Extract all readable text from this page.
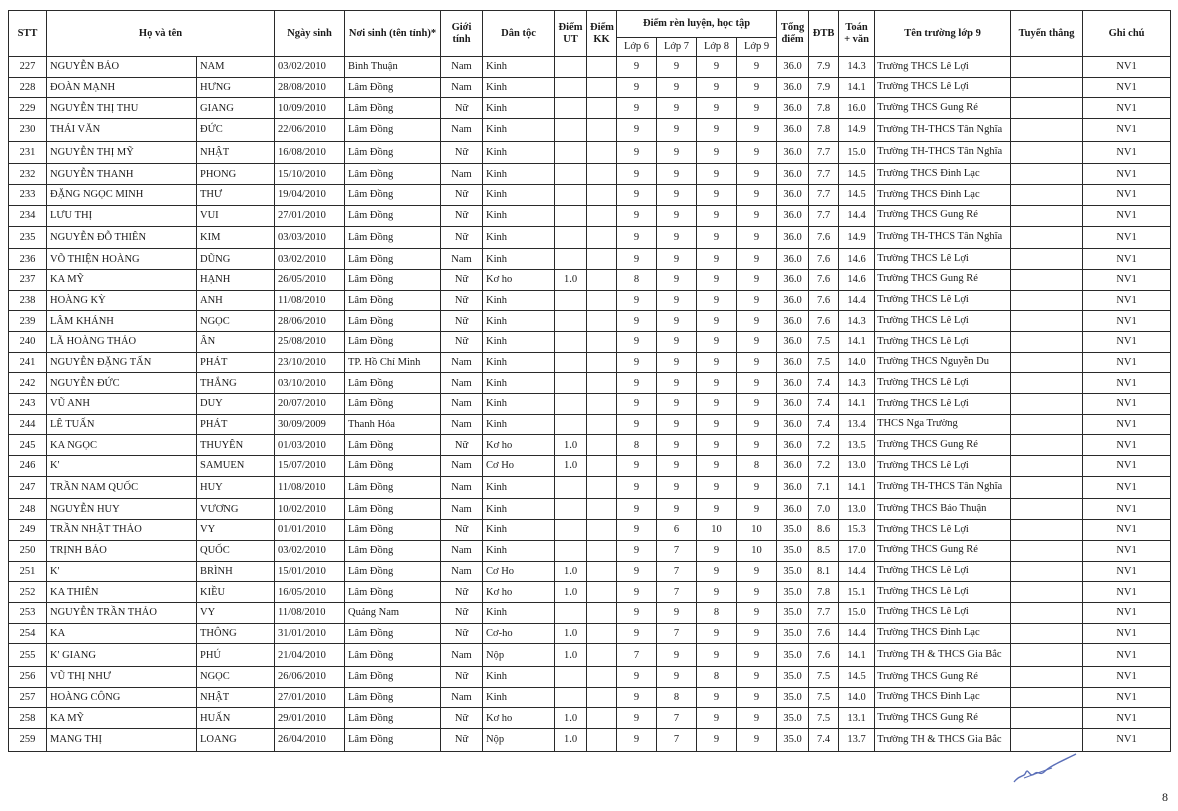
STT	Họ và tên		Ngày sinh	Nơi sinh (tên tỉnh)*	Giới tính	Dân tộc	Điểm UT	Điểm KK	Điểm rèn luyện, học tập				Tổng điểm	ĐTB	Toán + văn	Tên trường lớp 9	Tuyển thẳng	Ghi chú
									Lớp 6	Lớp 7	Lớp 8	Lớp 9						
227	NGUYỄN BẢO	NAM	03/02/2010	Bình Thuận	Nam	Kinh			9	9	9	9	36.0	7.9	14.3	Trường THCS Lê Lợi		NV1
228	ĐOÀN MẠNH	HƯNG	28/08/2010	Lâm Đồng	Nam	Kinh			9	9	9	9	36.0	7.9	14.1	Trường THCS Lê Lợi		NV1
229	NGUYỄN THỊ THU	GIANG	10/09/2010	Lâm Đồng	Nữ	Kinh			9	9	9	9	36.0	7.8	16.0	Trường THCS Gung Ré		NV1
230	THÁI VĂN	ĐỨC	22/06/2010	Lâm Đồng	Nam	Kinh			9	9	9	9	36.0	7.8	14.9	Trường TH-THCS Tân Nghĩa		NV1
231	NGUYỄN THỊ MỸ	NHẬT	16/08/2010	Lâm Đồng	Nữ	Kinh			9	9	9	9	36.0	7.7	15.0	Trường TH-THCS Tân Nghĩa		NV1
232	NGUYỄN THANH	PHONG	15/10/2010	Lâm Đồng	Nam	Kinh			9	9	9	9	36.0	7.7	14.5	Trường THCS Đinh Lạc		NV1
233	ĐẶNG NGỌC MINH	THƯ	19/04/2010	Lâm Đồng	Nữ	Kinh			9	9	9	9	36.0	7.7	14.5	Trường THCS Đinh Lạc		NV1
234	LƯU THỊ	VUI	27/01/2010	Lâm Đồng	Nữ	Kinh			9	9	9	9	36.0	7.7	14.4	Trường THCS Gung Ré		NV1
235	NGUYỄN ĐỖ THIÊN	KIM	03/03/2010	Lâm Đồng	Nữ	Kinh			9	9	9	9	36.0	7.6	14.9	Trường TH-THCS Tân Nghĩa		NV1
236	VÕ THIỆN HOÀNG	DŨNG	03/02/2010	Lâm Đồng	Nam	Kinh			9	9	9	9	36.0	7.6	14.6	Trường THCS Lê Lợi		NV1
237	KA MỸ	HẠNH	26/05/2010	Lâm Đồng	Nữ	Kơ ho	1.0		8	9	9	9	36.0	7.6	14.6	Trường THCS Gung Ré		NV1
238	HOÀNG KỲ	ANH	11/08/2010	Lâm Đồng	Nữ	Kinh			9	9	9	9	36.0	7.6	14.4	Trường THCS Lê Lợi		NV1
239	LÂM KHÁNH	NGỌC	28/06/2010	Lâm Đồng	Nữ	Kinh			9	9	9	9	36.0	7.6	14.3	Trường THCS Lê Lợi		NV1
240	LÃ HOÀNG THẢO	ÂN	25/08/2010	Lâm Đồng	Nữ	Kinh			9	9	9	9	36.0	7.5	14.1	Trường THCS Lê Lợi		NV1
241	NGUYỄN ĐẶNG TẤN	PHÁT	23/10/2010	TP. Hồ Chí Minh	Nam	Kinh			9	9	9	9	36.0	7.5	14.0	Trường THCS Nguyễn Du		NV1
242	NGUYỄN ĐỨC	THẮNG	03/10/2010	Lâm Đồng	Nam	Kinh			9	9	9	9	36.0	7.4	14.3	Trường THCS Lê Lợi		NV1
243	VŨ ANH	DUY	20/07/2010	Lâm Đồng	Nam	Kinh			9	9	9	9	36.0	7.4	14.1	Trường THCS Lê Lợi		NV1
244	LÊ TUẤN	PHÁT	30/09/2009	Thanh Hóa	Nam	Kinh			9	9	9	9	36.0	7.4	13.4	THCS Nga Trường		NV1
245	KA NGỌC	THUYÊN	01/03/2010	Lâm Đồng	Nữ	Kơ ho	1.0		8	9	9	9	36.0	7.2	13.5	Trường THCS Gung Ré		NV1
246	K'	SAMUEN	15/07/2010	Lâm Đồng	Nam	Cơ Ho	1.0		9	9	9	8	36.0	7.2	13.0	Trường THCS Lê Lợi		NV1
247	TRẦN NAM QUỐC	HUY	11/08/2010	Lâm Đồng	Nam	Kinh			9	9	9	9	36.0	7.1	14.1	Trường TH-THCS Tân Nghĩa		NV1
248	NGUYỄN HUY	VƯƠNG	10/02/2010	Lâm Đồng	Nam	Kinh			9	9	9	9	36.0	7.0	13.0	Trường THCS Bảo Thuận		NV1
249	TRẦN NHẬT THẢO	VY	01/01/2010	Lâm Đồng	Nữ	Kinh			9	6	10	10	35.0	8.6	15.3	Trường THCS Lê Lợi		NV1
250	TRỊNH BẢO	QUỐC	03/02/2010	Lâm Đồng	Nam	Kinh			9	7	9	10	35.0	8.5	17.0	Trường THCS Gung Ré		NV1
251	K'	BRÌNH	15/01/2010	Lâm Đồng	Nam	Cơ Ho	1.0		9	7	9	9	35.0	8.1	14.4	Trường THCS Lê Lợi		NV1
252	KA THIÊN	KIỀU	16/05/2010	Lâm Đồng	Nữ	Kơ ho	1.0		9	7	9	9	35.0	7.8	15.1	Trường THCS Lê Lợi		NV1
253	NGUYỄN TRẦN THẢO	VY	11/08/2010	Quảng Nam	Nữ	Kinh			9	9	8	9	35.0	7.7	15.0	Trường THCS Lê Lợi		NV1
254	KA	THÔNG	31/01/2010	Lâm Đồng	Nữ	Cơ-ho	1.0		9	7	9	9	35.0	7.6	14.4	Trường THCS Đinh Lạc		NV1
255	K' GIANG	PHÚ	21/04/2010	Lâm Đồng	Nam	Nộp	1.0		7	9	9	9	35.0	7.6	14.1	Trường TH & THCS Gia Bắc		NV1
256	VŨ THỊ NHƯ	NGỌC	26/06/2010	Lâm Đồng	Nữ	Kinh			9	9	8	9	35.0	7.5	14.5	Trường THCS Gung Ré		NV1
257	HOÀNG CÔNG	NHẬT	27/01/2010	Lâm Đồng	Nam	Kinh			9	8	9	9	35.0	7.5	14.0	Trường THCS Đinh Lạc		NV1
258	KA MỸ	HUẤN	29/01/2010	Lâm Đồng	Nữ	Kơ ho	1.0		9	7	9	9	35.0	7.5	13.1	Trường THCS Gung Ré		NV1
259	MANG THỊ	LOANG	26/04/2010	Lâm Đồng	Nữ	Nộp	1.0		9	7	9	9	35.0	7.4	13.7	Trường TH & THCS Gia Bắc		NV1
8
